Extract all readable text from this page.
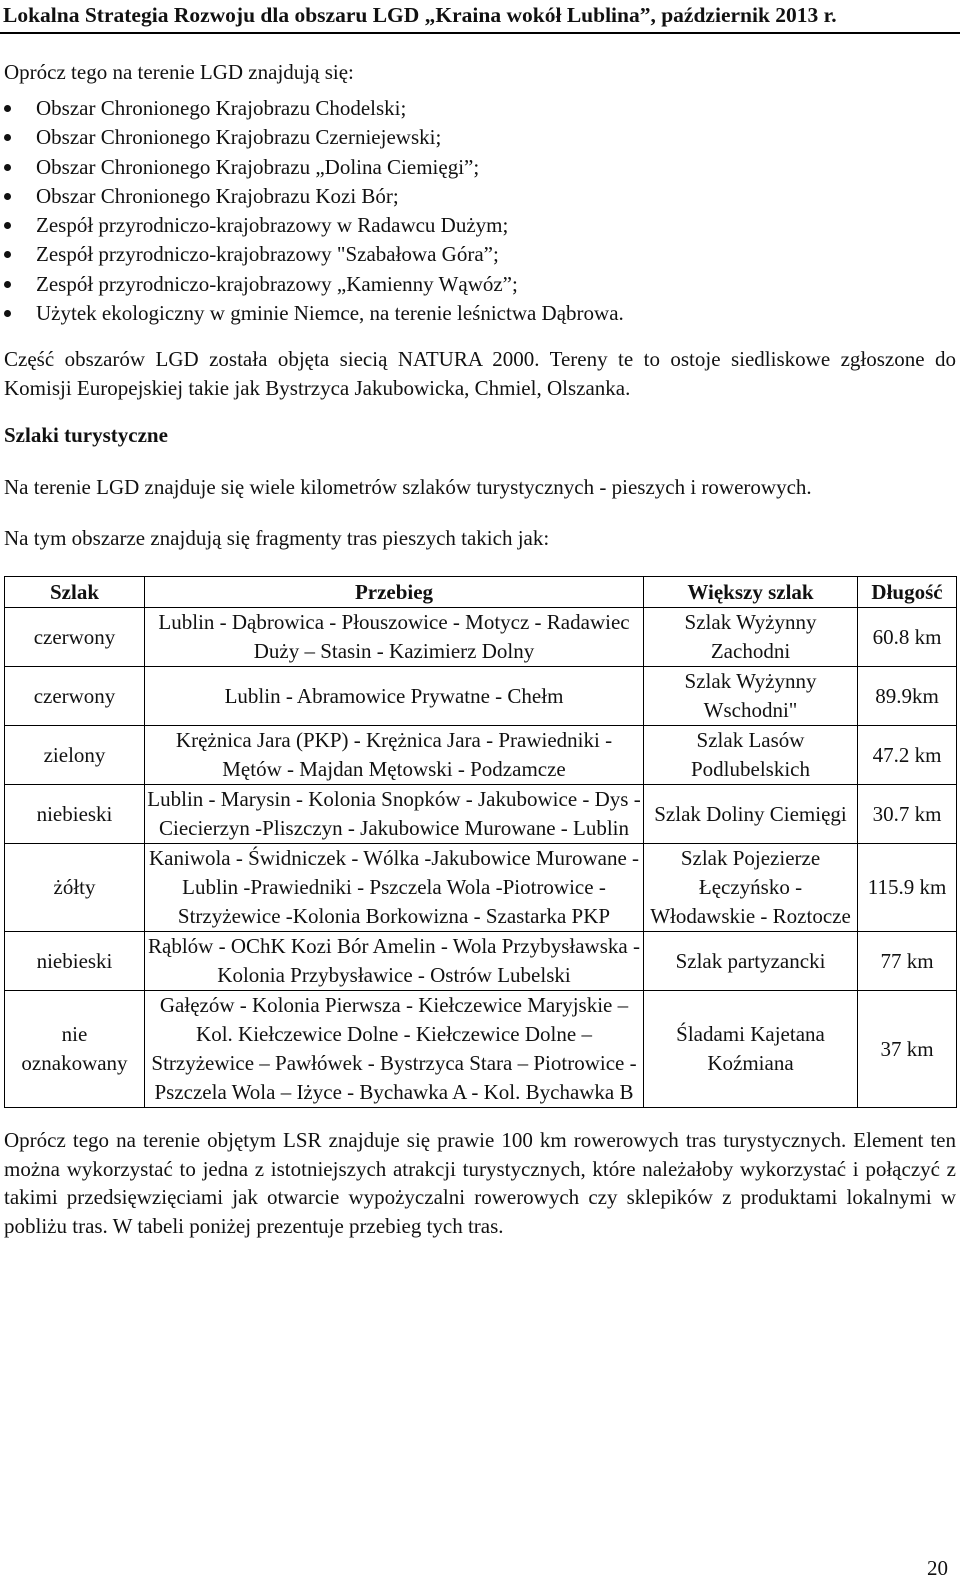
Lokalna Strategia Rozwoju dla obszaru LGD „Kraina wokół Lublina”, październik 2013 r.

Oprócz tego na terenie LGD znajdują się:

Obszar Chronionego Krajobrazu Chodelski;
Obszar Chronionego Krajobrazu Czerniejewski;
Obszar Chronionego Krajobrazu „Dolina Ciemięgi”;
Obszar Chronionego Krajobrazu Kozi Bór;
Zespół przyrodniczo-krajobrazowy w Radawcu Dużym;
Zespół przyrodniczo-krajobrazowy "Szabałowa Góra”;
Zespół przyrodniczo-krajobrazowy „Kamienny Wąwóz”;
Użytek ekologiczny w gminie Niemce, na terenie leśnictwa Dąbrowa.

Część obszarów LGD została objęta siecią NATURA 2000. Tereny te to ostoje siedliskowe zgłoszone do Komisji Europejskiej takie jak Bystrzyca Jakubowicka, Chmiel, Olszanka.

Szlaki turystyczne

Na terenie LGD znajduje się wiele kilometrów szlaków turystycznych - pieszych i rowerowych.

Na tym obszarze znajdują się fragmenty tras pieszych takich jak:

Szlak	Przebieg	Większy szlak	Długość
czerwony	Lublin - Dąbrowica - Płouszowice - Motycz - Radawiec Duży – Stasin - Kazimierz Dolny	Szlak Wyżynny Zachodni	60.8 km
czerwony	Lublin - Abramowice Prywatne - Chełm	Szlak Wyżynny Wschodni"	89.9km
zielony	Krężnica Jara (PKP) - Krężnica Jara - Prawiedniki - Mętów - Majdan Mętowski - Podzamcze	Szlak Lasów Podlubelskich	47.2 km
niebieski	Lublin - Marysin - Kolonia Snopków - Jakubowice - Dys - Ciecierzyn -Pliszczyn - Jakubowice Murowane - Lublin	Szlak Doliny Ciemięgi	30.7 km
żółty	Kaniwola - Świdniczek - Wólka -Jakubowice Murowane - Lublin -Prawiedniki - Pszczela Wola -Piotrowice - Strzyżewice -Kolonia Borkowizna - Szastarka PKP	Szlak Pojezierze Łęczyńsko - Włodawskie - Roztocze	115.9 km
niebieski	Rąblów - OChK Kozi Bór Amelin - Wola Przybysławska - Kolonia Przybysławice - Ostrów Lubelski	Szlak partyzancki	77 km
nie oznakowany	Gałęzów - Kolonia Pierwsza - Kiełczewice Maryjskie – Kol. Kiełczewice Dolne - Kiełczewice Dolne – Strzyżewice – Pawłówek - Bystrzyca Stara – Piotrowice - Pszczela Wola – Iżyce - Bychawka A - Kol. Bychawka B	Śladami Kajetana Koźmiana	37 km

Oprócz tego na terenie objętym LSR znajduje się prawie 100 km rowerowych tras turystycznych. Element ten można wykorzystać to jedna z istotniejszych atrakcji turystycznych, które należałoby wykorzystać i połączyć z takimi przedsięwzięciami jak otwarcie wypożyczalni rowerowych czy sklepików z produktami lokalnymi w pobliżu tras. W tabeli poniżej prezentuje przebieg tych tras.

20
